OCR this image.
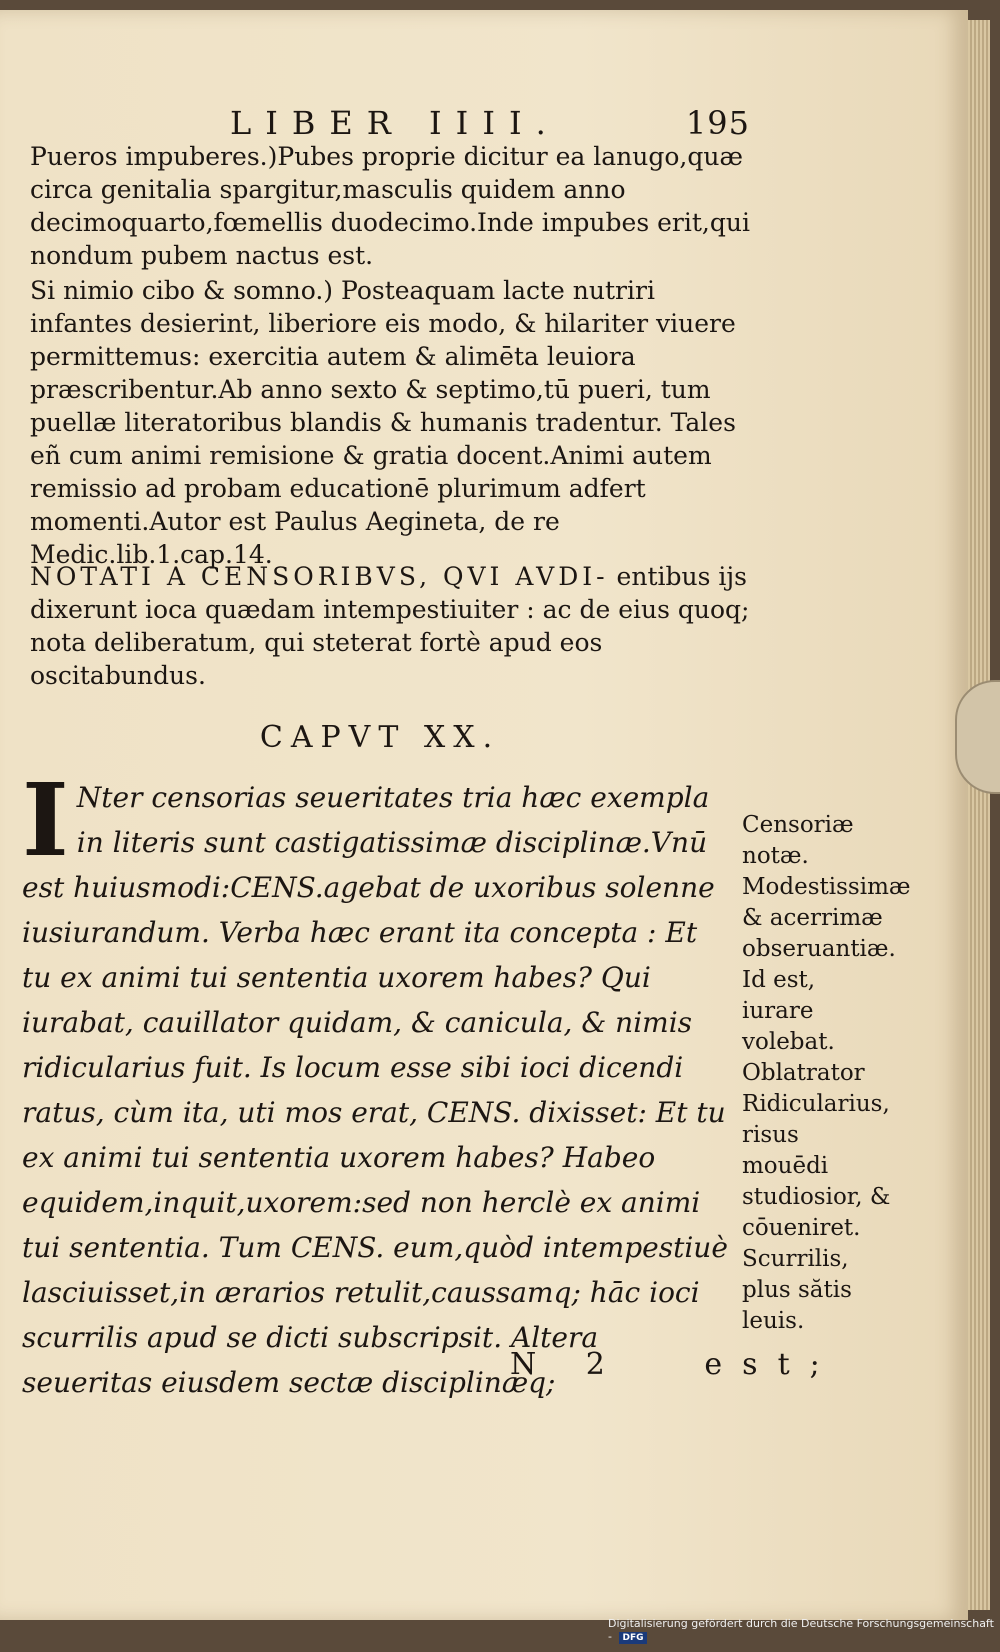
LIBER IIII.	195

Pueros impuberes.)Pubes proprie dicitur ea lanugo,quæ circa genitalia spargitur,masculis quidem anno decimoquarto,fœmellis duodecimo.Inde impubes erit,qui nondum pubem nactus est.

Si nimio cibo & somno.) Posteaquam lacte nutriri infantes desierint, liberiore eis modo, & hilariter viuere permittemus: exercitia autem & alimēta leuiora præscribentur.Ab anno sexto & septimo,tū pueri, tum puellæ literatoribus blandis & humanis tradentur. Tales eñ cum animi remisione & gratia docent.Animi autem remissio ad probam educationē plurimum adfert momenti.Autor est Paulus Aegineta, de re Medic.lib.1.cap.14.

NOTATI A CENSORIBVS, QVI AVDI- entibus ijs dixerunt ioca quædam intempestiuiter : ac de eius quoq; nota deliberatum, qui steterat fortè apud eos oscitabundus.
CAPVT XX.
I Nter censorias seueritates tria hæc exempla in literis sunt castigatissimæ disciplinæ.Vnū est huiusmodi:CENS.agebat de uxoribus solenne iusiurandum. Verba hæc erant ita concepta : Et tu ex animi tui sententia uxorem habes? Qui iurabat, cauillator quidam, & canicula, & nimis ridicularius fuit. Is locum esse sibi ioci dicendi ratus, cùm ita, uti mos erat, CENS. dixisset: Et tu ex animi tui sententia uxorem habes? Habeo equidem,inquit,uxorem:sed non herclè ex animi tui sententia. Tum CENS. eum,quòd intempestiuè lasciuisset,in ærarios retulit,caussamq; hāc ioci scurrilis apud se dicti subscripsit. Altera seueritas eiusdem sectæ disciplinæq;

Censoriæ notæ.

Modestissimæ & acerrimæ obseruantiæ.

Id est, iurare volebat.

Oblatrator

Ridicularius, risus mouēdi studiosior, & cōueniret.

Scurrilis, plus sătis leuis.

N 2	est;
Digitalisierung gefördert durch die Deutsche Forschungsgemeinschaft - DFG
